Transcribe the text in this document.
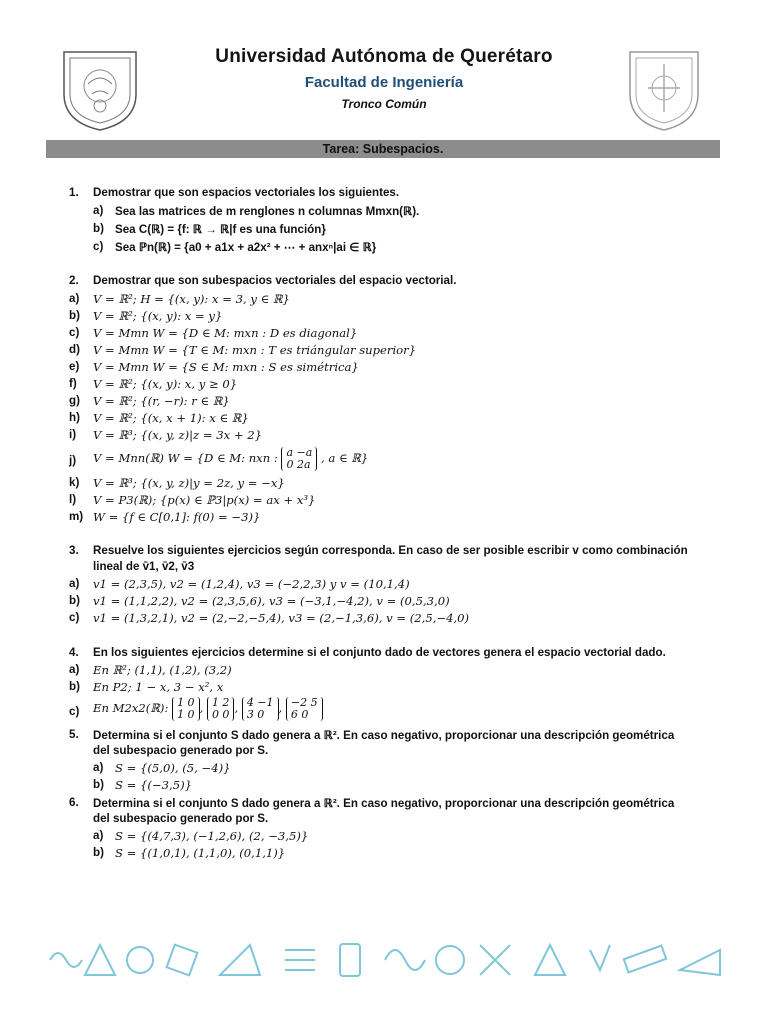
Universidad Autónoma de Querétaro
Facultad de Ingeniería
Tronco Común
Tarea: Subespacios.
1. Demostrar que son espacios vectoriales los siguientes.
a) Sea las matrices de m renglones n columnas Mmxn(ℝ).
b) Sea C(ℝ) = {f: ℝ → ℝ|f es una función}
c) Sea ℙn(ℝ) = {a0 + a1x + a2x² + ⋯ + anxⁿ|ai ∈ ℝ}
2. Demostrar que son subespacios vectoriales del espacio vectorial.
a) V = ℝ²; H = {(x, y): x = 3, y ∈ ℝ}
b) V = ℝ²; {(x, y): x = y}
c) V = Mmn W = {D ∈ M: mxn : D es diagonal}
d) V = Mmn W = {T ∈ M: mxn : T es triángular superior}
e) V = Mmn W = {S ∈ M: mxn : S es simétrica}
f) V = ℝ²; {(x, y): x, y ≥ 0}
g) V = ℝ²; {(r, −r): r ∈ ℝ}
h) V = ℝ²; {(x, x + 1): x ∈ ℝ}
i) V = ℝ³; {(x, y, z)|z = 3x + 2}
j) V = Mnn(ℝ) W = {D ∈ M: nxn : a −a
0 2a , a ∈ ℝ}
k) V = ℝ³; {(x, y, z)|y = 2z, y = −x}
l) V = P3(ℝ); {p(x) ∈ ℙ3|p(x) = ax + x³}
m) W = {f ∈ C[0,1]: f(0) = −3)}
3. Resuelve los siguientes ejercicios según corresponda. En caso de ser posible escribir v como combinación
lineal de v̄1, v̄2, v̄3
a) v1 = (2,3,5), v2 = (1,2,4), v3 = (−2,2,3) y v = (10,1,4)
b) v1 = (1,1,2,2), v2 = (2,3,5,6), v3 = (−3,1,−4,2), v = (0,5,3,0)
c) v1 = (1,3,2,1), v2 = (2,−2,−5,4), v3 = (2,−1,3,6), v = (2,5,−4,0)
4. En los siguientes ejercicios determine si el conjunto dado de vectores genera el espacio vectorial dado.
a) En ℝ²; (1,1), (1,2), (3,2)
b) En P2; 1 − x, 3 − x², x
c) En M2x2(ℝ): 1 0
1 0 , 1 2
0 0 , 4 −1
3 0	, −2 5
6 0
5. Determina si el conjunto S dado genera a ℝ². En caso negativo, proporcionar una descripción geométrica
del subespacio generado por S.
a) S = {(5,0), (5, −4)}
b) S = {(−3,5)}
6. Determina si el conjunto S dado genera a ℝ². En caso negativo, proporcionar una descripción geométrica
del subespacio generado por S.
a) S = {(4,7,3), (−1,2,6), (2, −3,5)}
b) S = {(1,0,1), (1,1,0), (0,1,1)}
